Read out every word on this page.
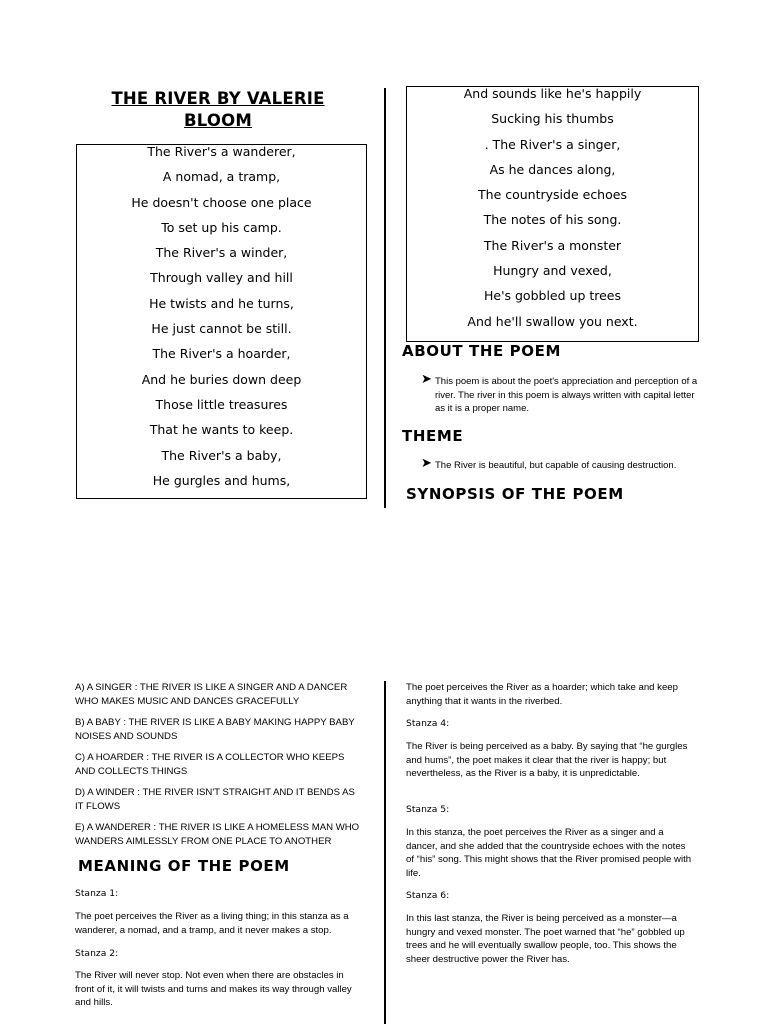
THE RIVER BY VALERIE BLOOM
The River's a wanderer,
A nomad, a tramp,
He doesn't choose one place
To set up his camp.
The River's a winder,
Through valley and hill
He twists and he turns,
He just cannot be still.
The River's a hoarder,
And he buries down deep
Those little treasures
That he wants to keep.
The River's a baby,
He gurgles and hums,
And sounds like he's happily
Sucking his thumbs
. The River's a singer,
As he dances along,
The countryside echoes
The notes of his song.
The River's a monster
Hungry and vexed,
He's gobbled up trees
And he'll swallow you next.
ABOUT THE POEM
➤ This poem is about the poet's appreciation and perception of a river. The river in this poem is always written with capital letter as it is a proper name.
THEME
➤ The River is beautiful, but capable of causing destruction.
SYNOPSIS OF THE POEM
A) A SINGER : THE RIVER IS LIKE A SINGER AND A DANCER WHO MAKES MUSIC AND DANCES GRACEFULLY
B) A BABY : THE RIVER IS LIKE A BABY MAKING HAPPY BABY NOISES AND SOUNDS
C) A HOARDER : THE RIVER IS A COLLECTOR WHO KEEPS AND COLLECTS THINGS
D) A WINDER : THE RIVER ISN'T STRAIGHT AND IT BENDS AS IT FLOWS
E) A WANDERER : THE RIVER IS LIKE A HOMELESS MAN WHO WANDERS AIMLESSLY FROM ONE PLACE TO ANOTHER
MEANING OF THE POEM
Stanza 1:
The poet perceives the River as a living thing; in this stanza as a wanderer, a nomad, and a tramp, and it never makes a stop.
Stanza 2:
The River will never stop. Not even when there are obstacles in front of it, it will twists and turns and makes its way through valley and hills.
The poet perceives the River as a hoarder; which take and keep anything that it wants in the riverbed.
Stanza 4:
The River is being perceived as a baby. By saying that “he gurgles and hums”, the poet makes it clear that the river is happy; but nevertheless, as the River is a baby, it is unpredictable.
Stanza 5:
In this stanza, the poet perceives the River as a singer and a dancer, and she added that the countryside echoes with the notes of “his” song. This might shows that the River promised people with life.
Stanza 6:
In this last stanza, the River is being perceived as a monster—a hungry and vexed monster. The poet warned that “he” gobbled up trees and he will eventually swallow people, too. This shows the sheer destructive power the River has.
